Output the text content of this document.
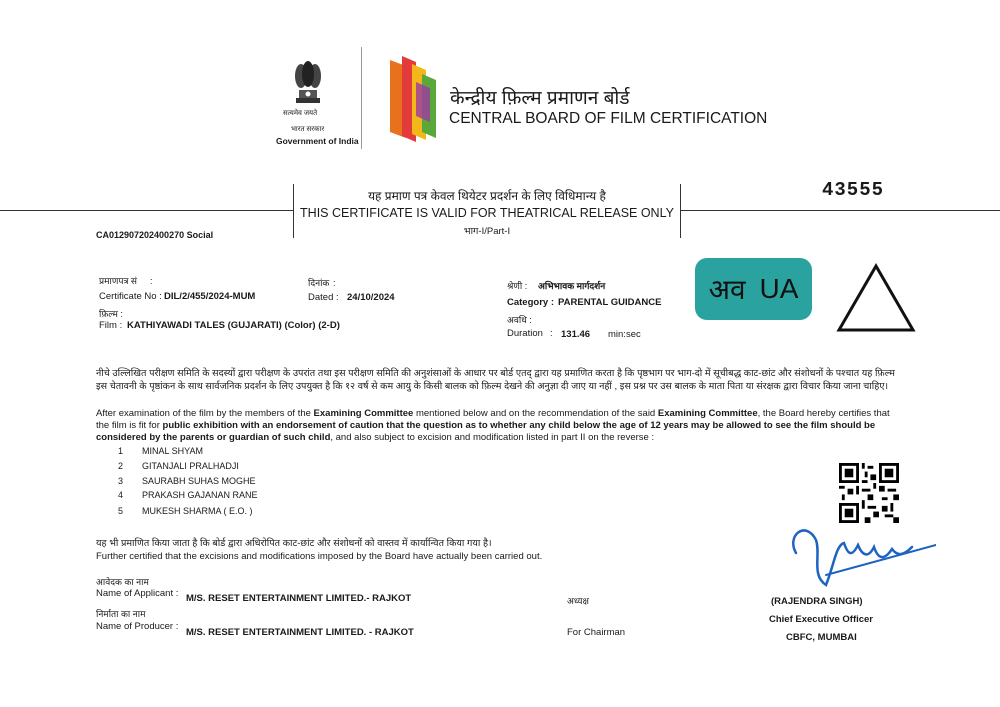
सत्यमेव जयते
भारत सरकार
Government of India
केन्द्रीय फ़िल्म प्रमाणन बोर्ड
CENTRAL BOARD OF FILM CERTIFICATION
यह प्रमाण पत्र केवल थियेटर प्रदर्शन के लिए विधिमान्य है
THIS CERTIFICATE IS VALID FOR THEATRICAL RELEASE ONLY
भाग-I/Part-I
43555
CA012907202400270 Social
प्रमाणपत्र सं :
Certificate No : DIL/2/455/2024-MUM
दिनांक :
Dated : 24/10/2024
फ़िल्म :
Film : KATHIYAWADI TALES (GUJARATI) (Color) (2-D)
श्रेणी : अभिभावक मार्गदर्शन
Category : PARENTAL GUIDANCE
अवधि :
Duration : 131.46 min:sec
अव UA
नीचे उल्लिखित परीक्षण समिति के सदस्यों द्वारा परीक्षण के उपरांत तथा इस परीक्षण समिति की अनुशंसाओं के आधार पर बोर्ड एतद् द्वारा यह प्रमाणित करता है कि पृष्ठभाग पर भाग-दो में सूचीबद्ध काट-छांट और संशोधनों के पश्चात यह फ़िल्म इस चेतावनी के पृष्ठांकन के साथ सार्वजनिक प्रदर्शन के लिए उपयुक्त है कि १२ वर्ष से कम आयु के किसी बालक को फ़िल्म देखने की अनुज्ञा दी जाए या नहीं , इस प्रश्न पर उस बालक के माता पिता या संरक्षक द्वारा विचार किया जाना चाहिए।
After examination of the film by the members of the Examining Committee mentioned below and on the recommendation of the said Examining Committee, the Board hereby certifies that the film is fit for public exhibition with an endorsement of caution that the question as to whether any child below the age of 12 years may be allowed to see the film should be considered by the parents or guardian of such child, and also subject to excision and modification listed in part II on the reverse :
1 MINAL SHYAM
2 GITANJALI PRALHADJI
3 SAURABH SUHAS MOGHE
4 PRAKASH GAJANAN RANE
5 MUKESH SHARMA ( E.O. )
यह भी प्रमाणित किया जाता है कि बोर्ड द्वारा अधिरोपित काट-छांट और संशोधनों को वास्तव में कार्यान्वित किया गया है।
Further certified that the excisions and modifications imposed by the Board have actually been carried out.
आवेदक का नाम
Name of Applicant : M/S. RESET ENTERTAINMENT LIMITED.- RAJKOT
निर्माता का नाम
Name of Producer :
M/S. RESET ENTERTAINMENT LIMITED. - RAJKOT
अध्यक्ष
For Chairman
(RAJENDRA SINGH)
Chief Executive Officer
CBFC, MUMBAI
